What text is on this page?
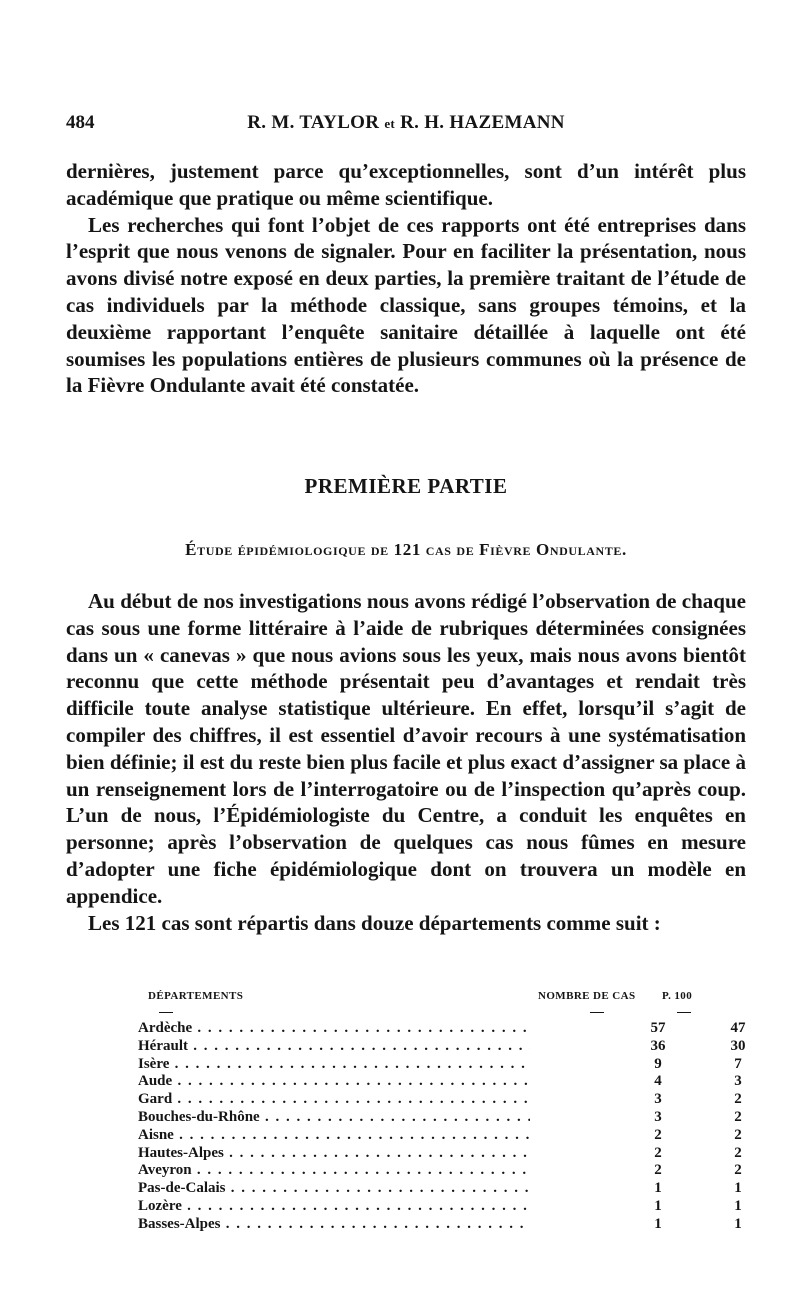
484	R. M. TAYLOR et R. H. HAZEMANN

dernières, justement parce qu’exceptionnelles, sont d’un intérêt plus académique que pratique ou même scientifique.

Les recherches qui font l’objet de ces rapports ont été entreprises dans l’esprit que nous venons de signaler. Pour en faciliter la présentation, nous avons divisé notre exposé en deux parties, la première traitant de l’étude de cas individuels par la méthode classique, sans groupes témoins, et la deuxième rapportant l’enquête sanitaire détaillée à laquelle ont été soumises les populations entières de plusieurs communes où la présence de la Fièvre Ondulante avait été constatée.

PREMIÈRE PARTIE
Étude épidémiologique de 121 cas de Fièvre Ondulante.

Au début de nos investigations nous avons rédigé l’observation de chaque cas sous une forme littéraire à l’aide de rubriques déterminées consignées dans un « canevas » que nous avions sous les yeux, mais nous avons bientôt reconnu que cette méthode présentait peu d’avantages et rendait très difficile toute analyse statistique ultérieure. En effet, lorsqu’il s’agit de compiler des chiffres, il est essentiel d’avoir recours à une systématisation bien définie; il est du reste bien plus facile et plus exact d’assigner sa place à un renseignement lors de l’interrogatoire ou de l’inspection qu’après coup. L’un de nous, l’Épidémiologiste du Centre, a conduit les enquêtes en personne; après l’observation de quelques cas nous fûmes en mesure d’adopter une fiche épidémiologique dont on trouvera un modèle en appendice.

Les 121 cas sont répartis dans douze départements comme suit :

DÉPARTEMENTS	NOMBRE DE CAS P. 100
Ardèche . . .	57	47
Hérault . . .	36	30
Isère . . .	9	7
Aude . . .	4	3
Gard . . .	3	2
Bouches-du-Rhône . . .	3	2
Aisne . . .	2	2
Hautes-Alpes . . .	2	2
Aveyron . . .	2	2
Pas-de-Calais . . .	1	1
Lozère . . .	1	1
Basses-Alpes . . .	1	1
